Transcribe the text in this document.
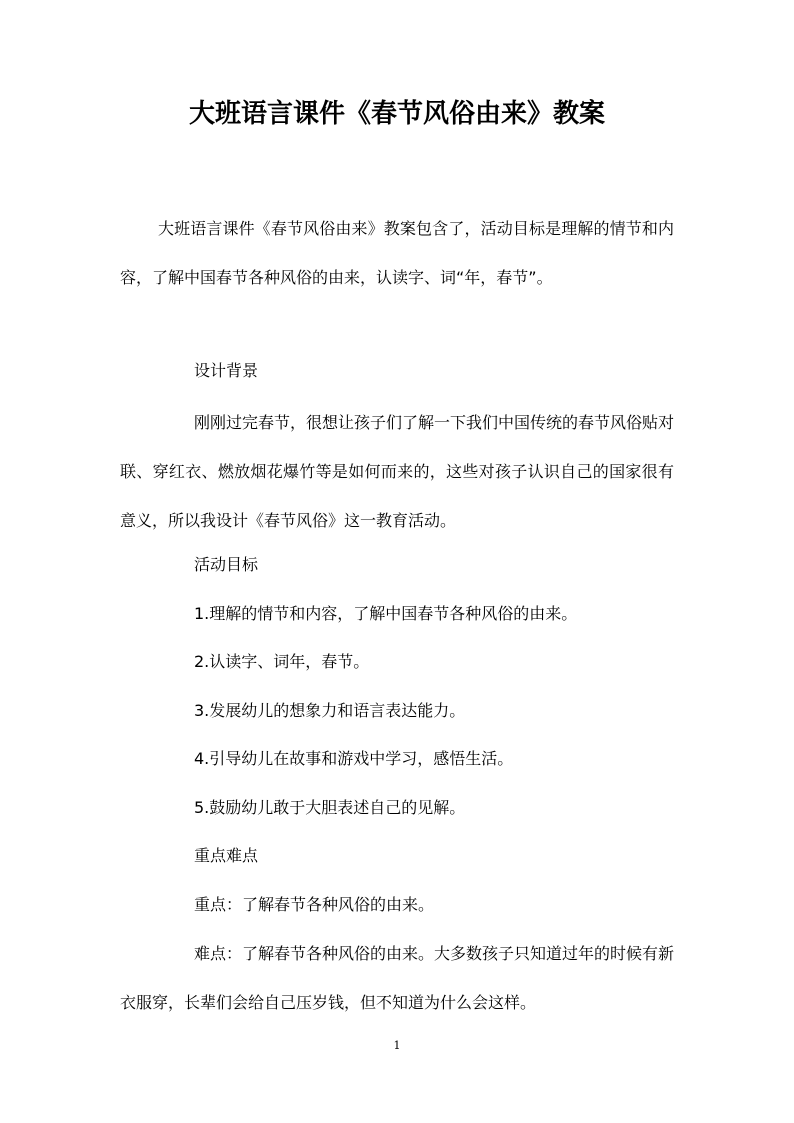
大班语言课件《春节风俗由来》教案

大班语言课件《春节风俗由来》教案包含了，活动目标是理解的情节和内容，了解中国春节各种风俗的由来，认读字、词“年，春节”。

设计背景

刚刚过完春节，很想让孩子们了解一下我们中国传统的春节风俗贴对联、穿红衣、燃放烟花爆竹等是如何而来的，这些对孩子认识自己的国家很有意义，所以我设计《春节风俗》这一教育活动。

活动目标
1.理解的情节和内容，了解中国春节各种风俗的由来。
2.认读字、词年，春节。
3.发展幼儿的想象力和语言表达能力。
4.引导幼儿在故事和游戏中学习，感悟生活。
5.鼓励幼儿敢于大胆表述自己的见解。
重点难点
重点：了解春节各种风俗的由来。

难点：了解春节各种风俗的由来。大多数孩子只知道过年的时候有新衣服穿，长辈们会给自己压岁钱，但不知道为什么会这样。

1
